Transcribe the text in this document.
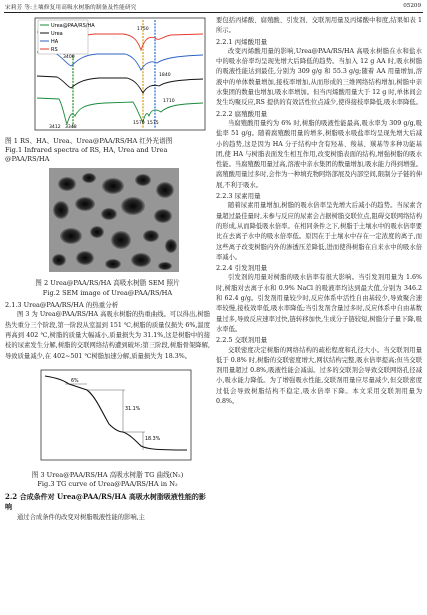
宋莉芳 等:土壤修复用高吸水树脂的制备及性能研究	05209
Urea@PAA/RS/HA
Urea
HA
RS
3400
3412 3348
1750
1840
1570 1575
1710

图 1 RS、HA、Urea、Urea@PAA/RS/HA 红外光谱图

Fig.1 Infrared spectra of RS, HA, Urea and Urea @PAA/RS/HA

图 2 Urea@PAA/RS/HA 高吸水树脂 SEM 照片

Fig.2 SEM image of Urea@PAA/RS/HA

2.1.3 Urea@PAA/RS/HA 的热重分析

图 3 为 Urea@PAA/RS/HA 高吸水树脂的热重曲线。可以得出,树脂热失重分三个阶段,第一阶段从室温到 151 ℃,树脂的质量仅损失 6%,温度再高到 402 ℃,树脂的质量大幅减小,质量损失为 31.1%,这是树脂中的接枝的尿素发生分解,树脂的交联网络结构遭到破坏;第三阶段,树脂骨架降解,导致质量减少,在 402~501 ℃树脂加速分解,质量损失为 18.3%。

6%
31.1%
18.3%

图 3 Urea@PAA/RS/HA 高吸水树脂 TG 曲线(N₂)

Fig.3 TG curve of Urea@PAA/RS/HA in N₂

2.2 合成条件对 Urea@PAA/RS/HA 高吸水树脂吸液性能的影响

通过合成条件的改变对树脂吸液性能的影响,主

要包括丙烯酸、腐殖酸、引发剂、交联剂用量及丙烯酸中和度,结果如表 1 所示。

2.2.1 丙烯酸用量

改变丙烯酸用量的影响,Urea@PAA/RS/HA 高吸水树脂在水和盐水中的吸水倍率均呈现先增大后降低的趋势。当加入 12 g AA 时,吸水树脂的吸液性能达到最佳,分别为 309 g/g 和 55.3 g/g;随着 AA 用量增加,溶液中的单体数量增加,接枝率增加,从而形成的三维网络结构增加,树脂中亲水集团的数量也增加,吸水率增加。但当丙烯酸用量大于 12 g 时,单体间会发生均聚反应,RS 提供的有效活性位点减少,使得接枝率降低,吸水率降低。

2.2.2 腐殖酸用量

当腐殖酸用量约为 6% 时,树脂的吸液性能最高,吸水率为 309 g/g,吸盐率 51 g/g。随着腐殖酸用量的增多,树脂吸水吸盐率均呈现先增大后减小的趋势,这是因为 HA 分子结构中含有羟基、羧基、羰基等多种功能基团,使 HA 与树脂表面发生相互作用,改变树脂表面的结构,增强树脂的吸水性能。当腐殖酸用量过高,溶液中亲水集团的数量增加,吸水能力得到增强。腐殖酸用量过多时,会作为一种填充物阿络部展及内部空间,限制分子链的伸展,不利于吸水。

2.2.3 尿素用量

随着尿素用量增加,树脂的吸水倍率呈先增大后减小的趋势。当尿素含量超过最佳量时,未参与反应的尿素会占据树脂交联位点,阻碍交联网络结构的形成,从而降低吸水倍率。在相同条件之下,树脂于土壤水中的吸水倍率要比在去离子水中的吸水倍率低。原因在于土壤水中存在一定浓度的离子,而这些离子改变树脂内外的渗透压差降低,进而使得树脂在自来水中的吸水倍率减小。

2.2.4 引发剂用量

引发剂的用量对树脂的吸水倍率有很大影响。当引发剂用量为 1.6% 时,树脂对去离子水和 0.9% NaCl 的吸液率均达到最大值,分别为 346.2 和 62.4 g/g。引发剂用量较少时,反应体系中活性自由基较少,导致聚合速率较慢,接枝效率低,吸水率降低;当引发剂含量过多时,反应体系中自由基数量过多,导致反应速率过快,链转移加快,生成分子链较短,树脂分子量下降,吸水率低。

2.2.5 交联剂用量

交联密度决定树脂的网络结构的疏松程度和孔径大小。当交联剂用量低于 0.8% 时,树脂的交联密度增大,网状结构完整,吸水倍率提高;但当交联剂用量超过 0.8%,吸液性能会减弱。过多的交联剂会导致交联网络孔径减小,吸水能力降低。为了增强吸水性能,交联剂用量应尽量减少,但交联密度过低会导致树脂结构不稳定,吸水倍率下降。本文采用交联剂用量为 0.8%。
